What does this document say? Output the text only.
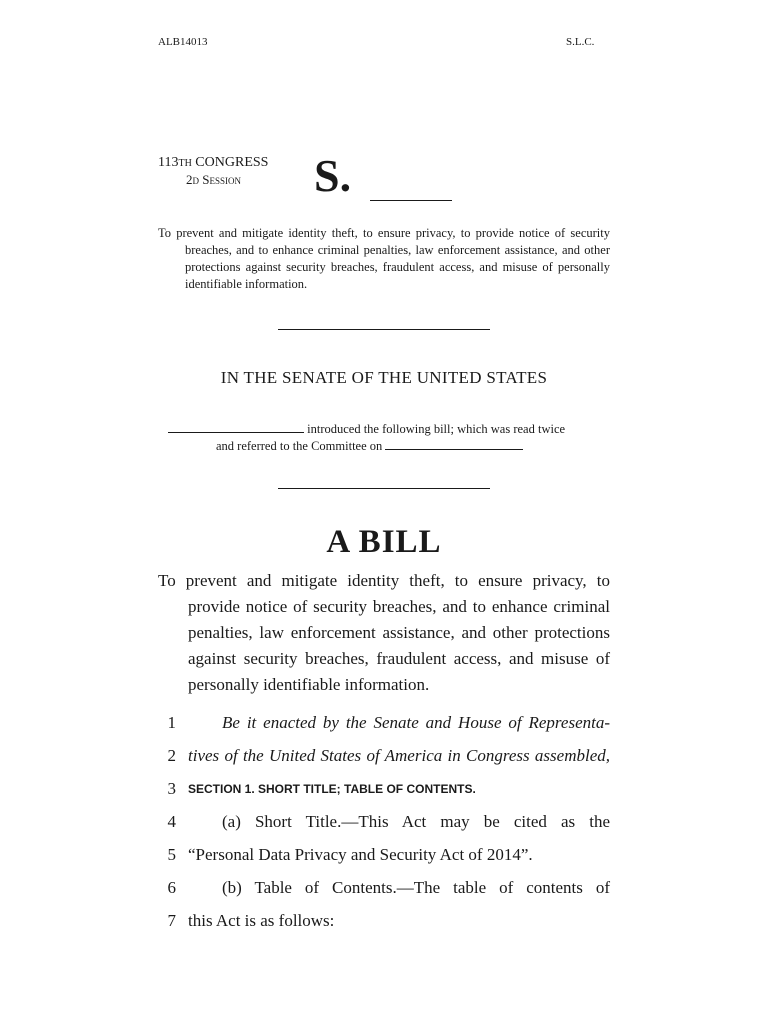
ALB14013	S.L.C.
113th CONGRESS
2d Session S.

To prevent and mitigate identity theft, to ensure privacy, to provide notice of security breaches, and to enhance criminal penalties, law enforcement assistance, and other protections against security breaches, fraudulent access, and misuse of personally identifiable information.

IN THE SENATE OF THE UNITED STATES
introduced the following bill; which was read twice
and referred to the Committee on
A BILL

To prevent and mitigate identity theft, to ensure privacy, to provide notice of security breaches, and to enhance criminal penalties, law enforcement assistance, and other protections against security breaches, fraudulent access, and misuse of personally identifiable information.

1	Be it enacted by the Senate and House of Representa-
2 tives of the United States of America in Congress assembled,
3 SECTION 1. SHORT TITLE; TABLE OF CONTENTS.
4	(a) Short Title.—This Act may be cited as the
5 “Personal Data Privacy and Security Act of 2014”.
6	(b) Table of Contents.—The table of contents of
7 this Act is as follows:
